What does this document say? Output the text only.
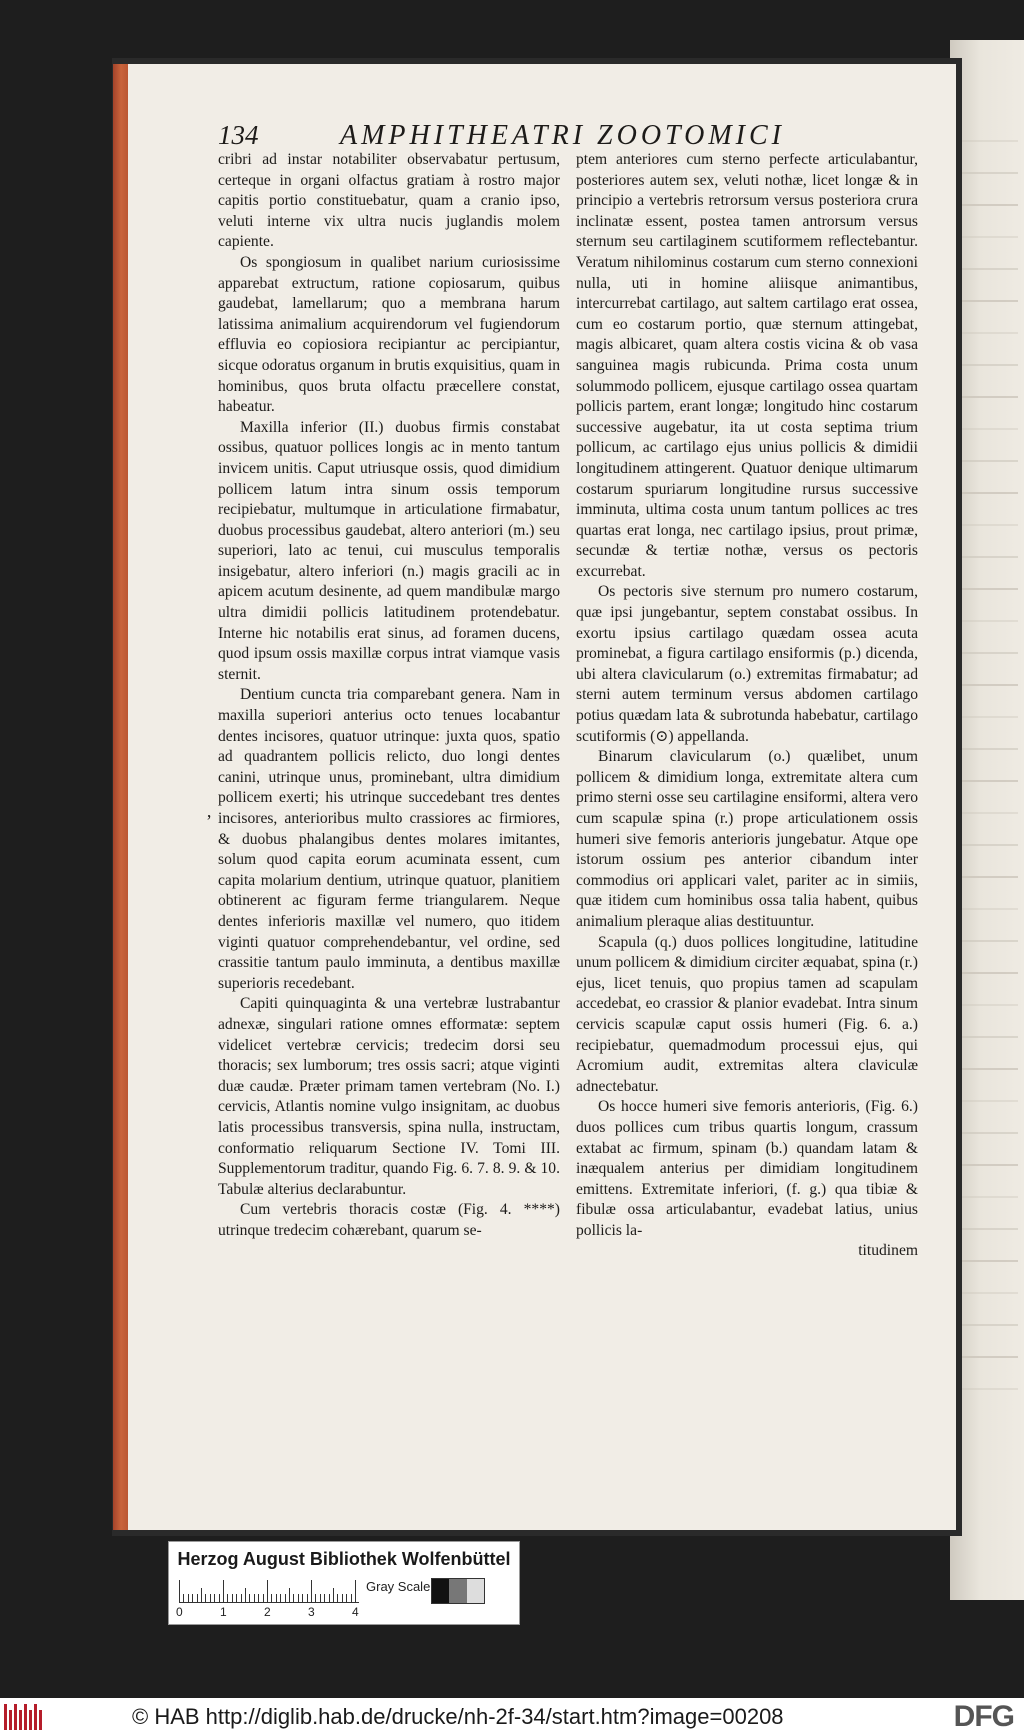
134	AMPHITHEATRI ZOOTOMICI
’

cribri ad instar notabiliter observabatur pertusum, certeque in organi olfactus gratiam à rostro major capitis portio constituebatur, quam a cranio ipso, veluti interne vix ultra nucis juglandis molem capiente.

Os spongiosum in qualibet narium curiosissime apparebat extructum, ratione copiosarum, quibus gaudebat, lamellarum; quo a membrana harum latissima animalium acquirendorum vel fugiendorum effluvia eo copiosiora recipiantur ac percipiantur, sicque odoratus organum in brutis exquisitius, quam in hominibus, quos bruta olfactu præcellere constat, habeatur.

Maxilla inferior (II.) duobus firmis constabat ossibus, quatuor pollices longis ac in mento tantum invicem unitis. Caput utriusque ossis, quod dimidium pollicem latum intra sinum ossis temporum recipiebatur, multumque in articulatione firmabatur, duobus processibus gaudebat, altero anteriori (m.) seu superiori, lato ac tenui, cui musculus temporalis insigebatur, altero inferiori (n.) magis gracili ac in apicem acutum desinente, ad quem mandibulæ margo ultra dimidii pollicis latitudinem protendebatur. Interne hic notabilis erat sinus, ad foramen ducens, quod ipsum ossis maxillæ corpus intrat viamque vasis sternit.

Dentium cuncta tria comparebant genera. Nam in maxilla superiori anterius octo tenues locabantur dentes incisores, quatuor utrinque: juxta quos, spatio ad quadrantem pollicis relicto, duo longi dentes canini, utrinque unus, prominebant, ultra dimidium pollicem exerti; his utrinque succedebant tres dentes incisores, anterioribus multo crassiores ac firmiores, & duobus phalangibus dentes molares imitantes, solum quod capita eorum acuminata essent, cum capita molarium dentium, utrinque quatuor, planitiem obtinerent ac figuram ferme triangularem. Neque dentes inferioris maxillæ vel numero, quo itidem viginti quatuor comprehendebantur, vel ordine, sed crassitie tantum paulo imminuta, a dentibus maxillæ superioris recedebant.

Capiti quinquaginta & una vertebræ lustrabantur adnexæ, singulari ratione omnes efformatæ: septem videlicet vertebræ cervicis; tredecim dorsi seu thoracis; sex lumborum; tres ossis sacri; atque viginti duæ caudæ. Præter primam tamen vertebram (No. I.) cervicis, Atlantis nomine vulgo insignitam, ac duobus latis processibus transversis, spina nulla, instructam, conformatio reliquarum Sectione IV. Tomi III. Supplementorum traditur, quando Fig. 6. 7. 8. 9. & 10. Tabulæ alterius declarabuntur.

Cum vertebris thoracis costæ (Fig. 4. ****) utrinque tredecim cohærebant, quarum se-

ptem anteriores cum sterno perfecte articulabantur, posteriores autem sex, veluti nothæ, licet longæ & in principio a vertebris retrorsum versus posteriora crura inclinatæ essent, postea tamen antrorsum versus sternum seu cartilaginem scutiformem reflectebantur. Veratum nihilominus costarum cum sterno connexioni nulla, uti in homine aliisque animantibus, intercurrebat cartilago, aut saltem cartilago erat ossea, cum eo costarum portio, quæ sternum attingebat, magis albicaret, quam altera costis vicina & ob vasa sanguinea magis rubicunda. Prima costa unum solummodo pollicem, ejusque cartilago ossea quartam pollicis partem, erant longæ; longitudo hinc costarum successive augebatur, ita ut costa septima trium pollicum, ac cartilago ejus unius pollicis & dimidii longitudinem attingerent. Quatuor denique ultimarum costarum spuriarum longitudine rursus successive imminuta, ultima costa unum tantum pollices ac tres quartas erat longa, nec cartilago ipsius, prout primæ, secundæ & tertiæ nothæ, versus os pectoris excurrebat.

Os pectoris sive sternum pro numero costarum, quæ ipsi jungebantur, septem constabat ossibus. In exortu ipsius cartilago quædam ossea acuta prominebat, a figura cartilago ensiformis (p.) dicenda, ubi altera clavicularum (o.) extremitas firmabatur; ad sterni autem terminum versus abdomen cartilago potius quædam lata & subrotunda habebatur, cartilago scutiformis (⊙) appellanda.

Binarum clavicularum (o.) quælibet, unum pollicem & dimidium longa, extremitate altera cum primo sterni osse seu cartilagine ensiformi, altera vero cum scapulæ spina (r.) prope articulationem ossis humeri sive femoris anterioris jungebatur. Atque ope istorum ossium pes anterior cibandum inter commodius ori applicari valet, pariter ac in simiis, quæ itidem cum hominibus ossa talia habent, quibus animalium pleraque alias destituuntur.

Scapula (q.) duos pollices longitudine, latitudine unum pollicem & dimidium circiter æquabat, spina (r.) ejus, licet tenuis, quo propius tamen ad scapulam accedebat, eo crassior & planior evadebat. Intra sinum cervicis scapulæ caput ossis humeri (Fig. 6. a.) recipiebatur, quemadmodum processui ejus, qui Acromium audit, extremitas altera claviculæ adnectebatur.

Os hocce humeri sive femoris anterioris, (Fig. 6.) duos pollices cum tribus quartis longum, crassum extabat ac firmum, spinam (b.) quandam latam & inæqualem anterius per dimidiam longitudinem emittens. Extremitate inferiori, (f. g.) qua tibiæ & fibulæ ossa articulabantur, evadebat latius, unius pollicis la-

titudinem
Herzog August Bibliothek Wolfenbüttel
0	1	2	3	4
Gray Scale
© HAB http://diglib.hab.de/drucke/nh-2f-34/start.htm?image=00208	DFG
